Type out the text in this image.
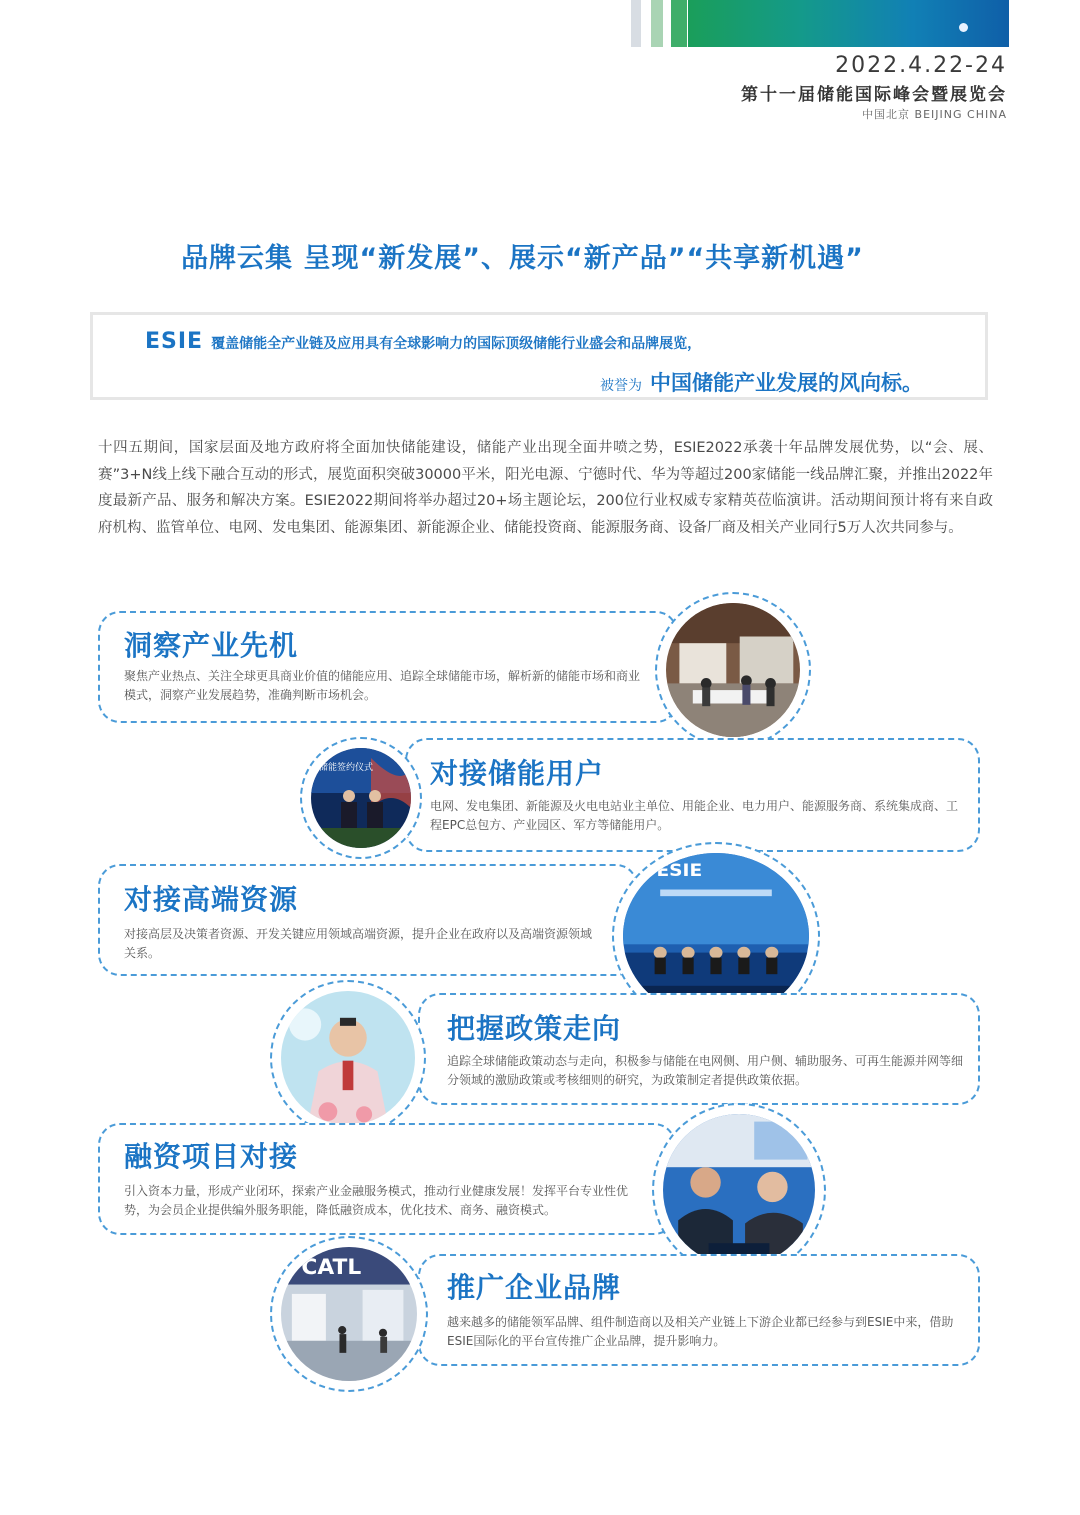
2022.4.22-24
第十一届储能国际峰会暨展览会
中国北京 BEIJING CHINA
品牌云集 呈现“新发展”、展示“新产品”“共享新机遇”
ESIE 覆盖储能全产业链及应用具有全球影响力的国际顶级储能行业盛会和品牌展览，
被誉为 中国储能产业发展的风向标。
十四五期间，国家层面及地方政府将全面加快储能建设，储能产业出现全面井喷之势，ESIE2022承袭十年品牌发展优势，以“会、展、赛”3+N线上线下融合互动的形式，展览面积突破30000平米，阳光电源、宁德时代、华为等超过200家储能一线品牌汇聚，并推出2022年度最新产品、服务和解决方案。ESIE2022期间将举办超过20+场主题论坛，200位行业权威专家精英莅临演讲。活动期间预计将有来自政府机构、监管单位、电网、发电集团、能源集团、新能源企业、储能投资商、能源服务商、设备厂商及相关产业同行5万人次共同参与。
洞察产业先机
聚焦产业热点、关注全球更具商业价值的储能应用、追踪全球储能市场，解析新的储能市场和商业模式，洞察产业发展趋势，准确判断市场机会。
储能签约仪式 对接储能用户
电网、发电集团、新能源及火电电站业主单位、用能企业、电力用户、能源服务商、系统集成商、工程EPC总包方、产业园区、军方等储能用户。
对接高端资源
对接高层及决策者资源、开发关键应用领域高端资源，提升企业在政府以及高端资源领域关系。
ESIE
把握政策走向
追踪全球储能政策动态与走向，积极参与储能在电网侧、用户侧、辅助服务、可再生能源并网等细分领域的激励政策或考核细则的研究，为政策制定者提供政策依据。
融资项目对接
引入资本力量，形成产业闭环，探索产业金融服务模式，推动行业健康发展！发挥平台专业性优势，为会员企业提供编外服务职能，降低融资成本，优化技术、商务、融资模式。
CATL
推广企业品牌
越来越多的储能领军品牌、组件制造商以及相关产业链上下游企业都已经参与到ESIE中来，借助ESIE国际化的平台宣传推广企业品牌，提升影响力。
